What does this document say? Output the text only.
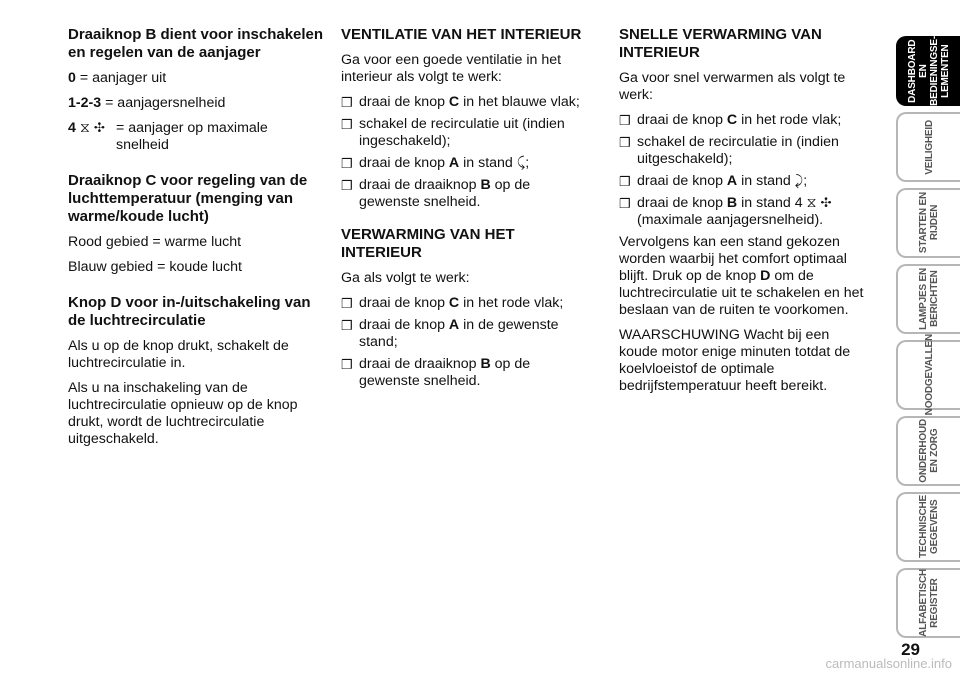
Draaiknop B dient voor inschakelen en regelen van de aanjager

0
= aanjager uit
1-2-3
= aanjagersnelheid
4 ⧖ ✣ = aanjager op maximale snelheid

Draaiknop C voor regeling van de luchttemperatuur (menging van warme/koude lucht)

Rood gebied = warme lucht

Blauw gebied = koude lucht

Knop D voor in-/uitschakeling van de luchtrecirculatie

Als u op de knop drukt, schakelt de luchtrecirculatie in.

Als u na inschakeling van de luchtrecirculatie opnieuw op de knop drukt, wordt de luchtrecirculatie uitgeschakeld.

VENTILATIE VAN HET INTERIEUR

Ga voor een goede ventilatie in het interieur als volgt te werk:

❒ draai de knop C in het blauwe vlak;
❒ schakel de recirculatie uit (indien ingeschakeld);
❒ draai de knop A in stand ⤹;
❒ draai de draaiknop B op de gewenste snelheid.

VERWARMING VAN HET INTERIEUR

Ga als volgt te werk:

❒ draai de knop C in het rode vlak;
❒ draai de knop A in de gewenste stand;
❒ draai de draaiknop B op de gewenste snelheid.

SNELLE VERWARMING VAN INTERIEUR

Ga voor snel verwarmen als volgt te werk:

❒ draai de knop C in het rode vlak;
❒ schakel de recirculatie in (indien uitgeschakeld);
❒ draai de knop A in stand ⤸;
❒ draai de knop B in stand 4 ⧖ ✣ (maximale aanjagersnelheid).

Vervolgens kan een stand gekozen worden waarbij het comfort optimaal blijft. Druk op de knop D om de luchtrecirculatie uit te schakelen en het beslaan van de ruiten te voorkomen.

WAARSCHUWING Wacht bij een koude motor enige minuten totdat de koelvloeistof de optimale bedrijfstemperatuur heeft bereikt.

DASHBOARD EN
BEDIENINGSE-
LEMENTEN
VEILIGHEID
STARTEN EN
RIJDEN
LAMPJES EN
BERICHTEN
NOODGEVALLEN
ONDERHOUD
EN ZORG
TECHNISCHE
GEGEVENS
ALFABETISCH
REGISTER
29
carmanualsonline.info
